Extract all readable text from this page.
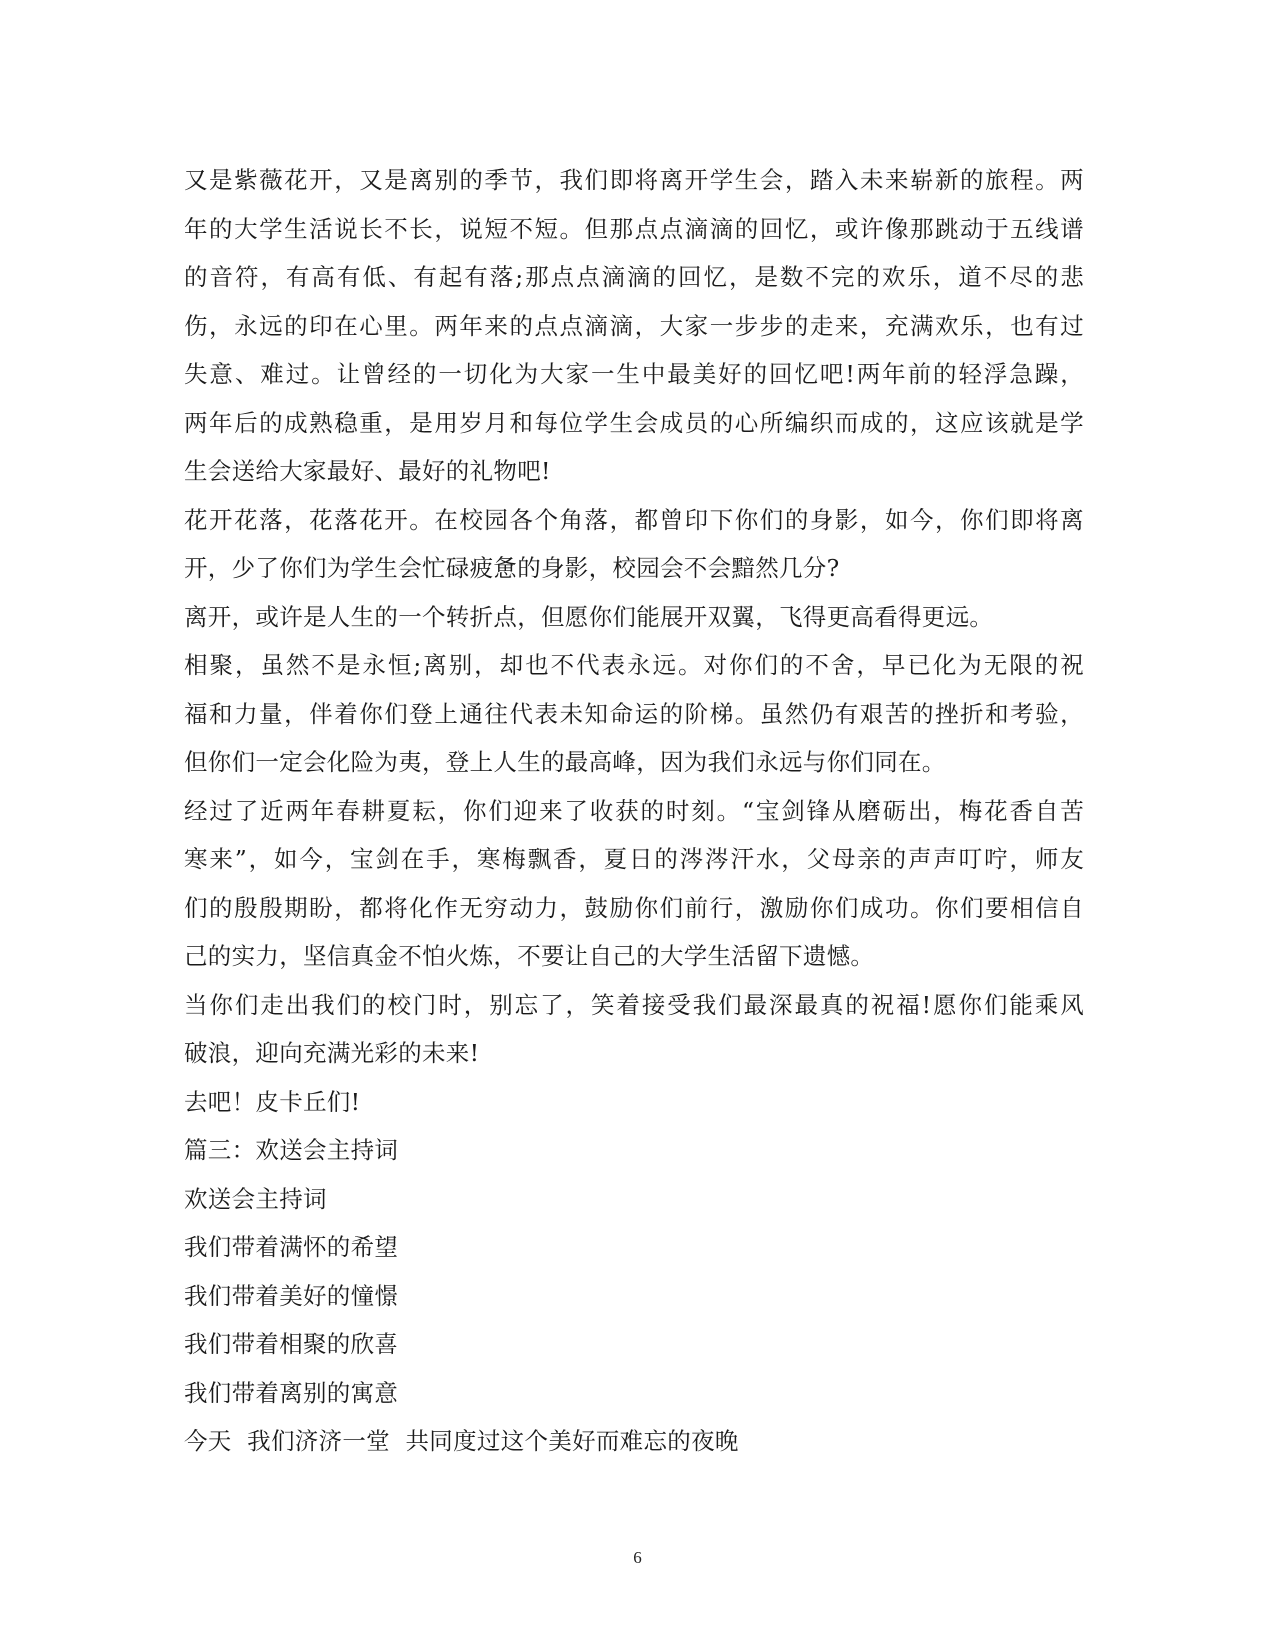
又是紫薇花开，又是离别的季节，我们即将离开学生会，踏入未来崭新的旅程。两
年的大学生活说长不长，说短不短。但那点点滴滴的回忆，或许像那跳动于五线谱
的音符，有高有低、有起有落;那点点滴滴的回忆，是数不完的欢乐，道不尽的悲
伤，永远的印在心里。两年来的点点滴滴，大家一步步的走来，充满欢乐，也有过
失意、难过。让曾经的一切化为大家一生中最美好的回忆吧!两年前的轻浮急躁，
两年后的成熟稳重，是用岁月和每位学生会成员的心所编织而成的，这应该就是学
生会送给大家最好、最好的礼物吧!
花开花落，花落花开。在校园各个角落，都曾印下你们的身影，如今，你们即将离
开，少了你们为学生会忙碌疲惫的身影，校园会不会黯然几分?
离开，或许是人生的一个转折点，但愿你们能展开双翼，飞得更高看得更远。
相聚，虽然不是永恒;离别，却也不代表永远。对你们的不舍，早已化为无限的祝
福和力量，伴着你们登上通往代表未知命运的阶梯。虽然仍有艰苦的挫折和考验，
但你们一定会化险为夷，登上人生的最高峰，因为我们永远与你们同在。
经过了近两年春耕夏耘，你们迎来了收获的时刻。“宝剑锋从磨砺出，梅花香自苦
寒来”，如今，宝剑在手，寒梅飘香，夏日的涔涔汗水，父母亲的声声叮咛，师友
们的殷殷期盼，都将化作无穷动力，鼓励你们前行，激励你们成功。你们要相信自
己的实力，坚信真金不怕火炼，不要让自己的大学生活留下遗憾。
当你们走出我们的校门时，别忘了，笑着接受我们最深最真的祝福!愿你们能乘风
破浪，迎向充满光彩的未来!
去吧！皮卡丘们!
篇三：欢送会主持词
欢送会主持词
我们带着满怀的希望
我们带着美好的憧憬
我们带着相聚的欣喜
我们带着离别的寓意
今天  我们济济一堂  共同度过这个美好而难忘的夜晚
6
